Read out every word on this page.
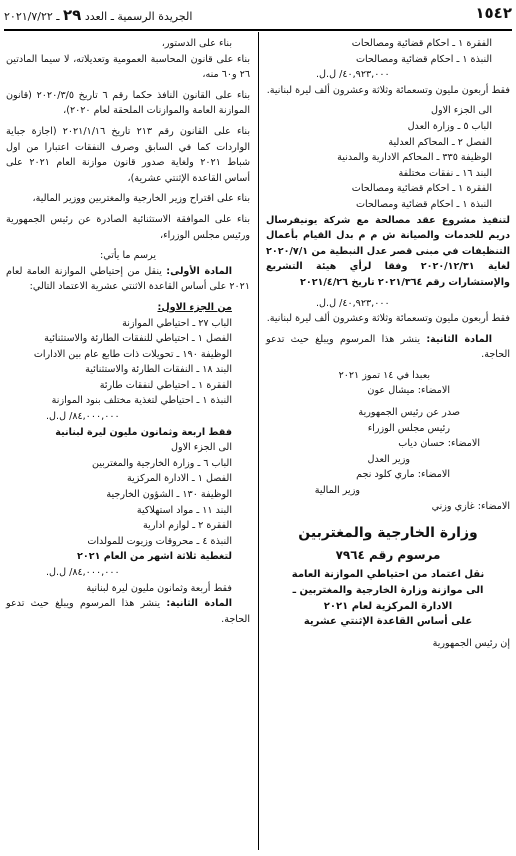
١٥٤٢
الجريدة الرسمية ـ العدد ٢٩ ـ ٢٠٢١/٧/٢٢

الفقرة ١ ـ احكام قضائية ومصالحات

النبذة ١ ـ احكام قضائية ومصالحات

٤٠,٩٢٣,٠٠٠/ ل.ل.

فقط أربعون مليون وتسعمائة وثلاثة وعشرون ألف ليرة لبنانية.

الى الجزء الاول

الباب ٥ ـ وزارة العدل

الفصل ٢ ـ المحاكم العدلية

الوظيفة ٣٣٥ ـ المحاكم الادارية والمدنية

البند ١٦ ـ نفقات مختلفة

الفقرة ١ ـ احكام قضائية ومصالحات

النبذة ١ ـ احكام قضائية ومصالحات

لتنفيذ مشروع عقد مصالحة مع شركة يونيفرسال دريم للخدمات والصيانة ش م م بدل القيام بأعمال التنظيفات في مبنى قصر عدل النبطية من ٢٠٢٠/٧/١ لغاية ٢٠٢٠/١٢/٣١ وفقا لرأي هيئة التشريع والإستشارات رقم ٢٠٢١/٣٦٤ تاريخ ٢٠٢١/٤/٢٦

٤٠,٩٢٣,٠٠٠/ ل.ل.

فقط أربعون مليون وتسعمائة وثلاثة وعشرون ألف ليرة لبنانية.

المادة الثانية: ينشر هذا المرسوم ويبلغ حيث تدعو الحاجة.

بعبدا في ١٤ تموز ٢٠٢١

الامضاء: ميشال عون

صدر عن رئيس الجمهورية

رئيس مجلس الوزراء

الامضاء: حسان دياب

وزير العدل

الامضاء: ماري كلود نجم

وزير المالية

الامضاء: غازي وزني

وزارة الخارجية والمغتربين

مرسوم رقم ٧٩٦٤

نقل اعتماد من احتياطي الموازنة العامة

الى موازنة وزارة الخارجية والمغتربين ـ

الادارة المركزية لعام ٢٠٢١

على أساس القاعدة الإثنتي عشرية

إن رئيس الجمهورية

بناء على الدستور،

بناء على قانون المحاسبة العمومية وتعديلاته، لا سيما المادتين ٢٦ و٦٠ منه،

بناء على القانون النافذ حكما رقم ٦ تاريخ ٢٠٢٠/٣/٥ (قانون الموازنة العامة والموازنات الملحقة لعام ٢٠٢٠)،

بناء على القانون رقم ٢١٣ تاريخ ٢٠٢١/١/١٦ (اجازة جباية الواردات كما في السابق وصرف النفقات اعتبارا من اول شباط ٢٠٢١ ولغاية صدور قانون موازنة العام ٢٠٢١ على أساس القاعدة الإثنتي عشرية)،

بناء على اقتراح وزير الخارجية والمغتربين ووزير المالية،

بناء على الموافقة الاستثنائية الصادرة عن رئيس الجمهورية ورئيس مجلس الوزراء،

يرسم ما يأتي:

المادة الأولى: ينقل من إحتياطي الموازنة العامة لعام ٢٠٢١ على أساس القاعدة الاثنتي عشرية الاعتماد التالي:

من الجزء الاول:

الباب ٢٧ ـ احتياطي الموازنة

الفصل ١ ـ احتياطي للنفقات الطارئة والاستثنائية

الوظيفة ١٩٠ ـ تحويلات ذات طابع عام بين الادارات

البند ١٨ ـ النفقات الطارئة والاستثنائية

الفقرة ١ ـ احتياطي لنفقات طارئة

النبذة ١ ـ احتياطي لتغذية مختلف بنود الموازنة

٨٤,٠٠٠,٠٠٠/ ل.ل.

فقط اربعة وثمانون مليون ليرة لبنانية

الى الجزء الاول

الباب ٦ ـ وزارة الخارجية والمغتربين

الفصل ١ ـ الادارة المركزية

الوظيفة ١٣٠ ـ الشؤون الخارجية

البند ١١ ـ مواد استهلاكية

الفقرة ٢ ـ لوازم ادارية

النبذة ٤ ـ محروقات وزيوت للمولدات

لتغطية ثلاثة اشهر من العام ٢٠٢١

٨٤,٠٠٠,٠٠٠/ ل.ل.

فقط أربعة وثمانون مليون ليرة لبنانية

المادة الثانية: ينشر هذا المرسوم ويبلغ حيث تدعو الحاجة.
